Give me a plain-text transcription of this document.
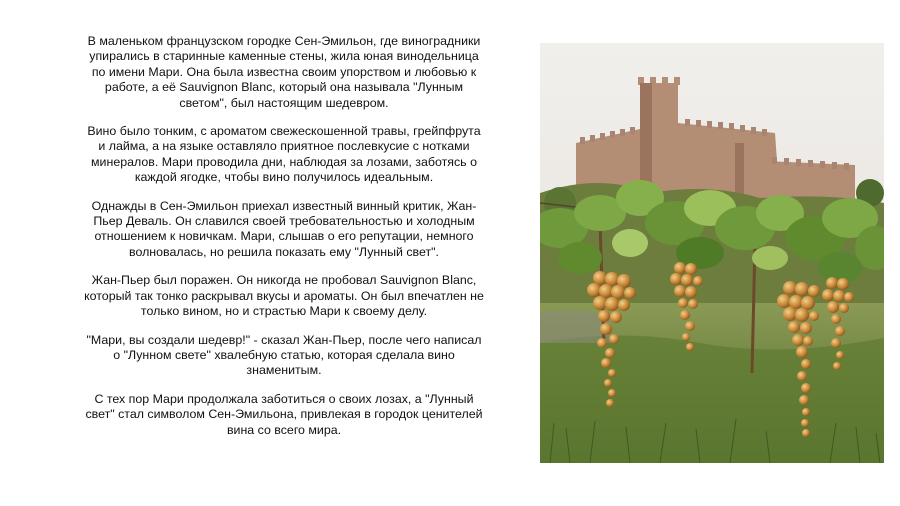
В маленьком французском городке Сен-Эмильон, где виноградники упирались в старинные каменные стены, жила юная винодельница по имени Мари. Она была известна своим упорством и любовью к работе, а её Sauvignon Blanc, который она называла "Лунным светом", был настоящим шедевром.

Вино было тонким, с ароматом свежескошенной травы, грейпфрута и лайма, а на языке оставляло приятное послевкусие с нотками минералов. Мари проводила дни, наблюдая за лозами, заботясь о каждой ягодке, чтобы вино получилось идеальным.

Однажды в Сен-Эмильон приехал известный винный критик, Жан-Пьер Деваль. Он славился своей требовательностью и холодным отношением к новичкам. Мари, слышав о его репутации, немного волновалась, но решила показать ему "Лунный свет".

Жан-Пьер был поражен. Он никогда не пробовал Sauvignon Blanc, который так тонко раскрывал вкусы и ароматы. Он был впечатлен не только вином, но и страстью Мари к своему делу.

"Мари, вы создали шедевр!" - сказал Жан-Пьер, после чего написал о "Лунном свете" хвалебную статью, которая сделала вино знаменитым.

С тех пор Мари продолжала заботиться о своих лозах, а "Лунный свет" стал символом Сен-Эмильона, привлекая в городок ценителей вина со всего мира.
